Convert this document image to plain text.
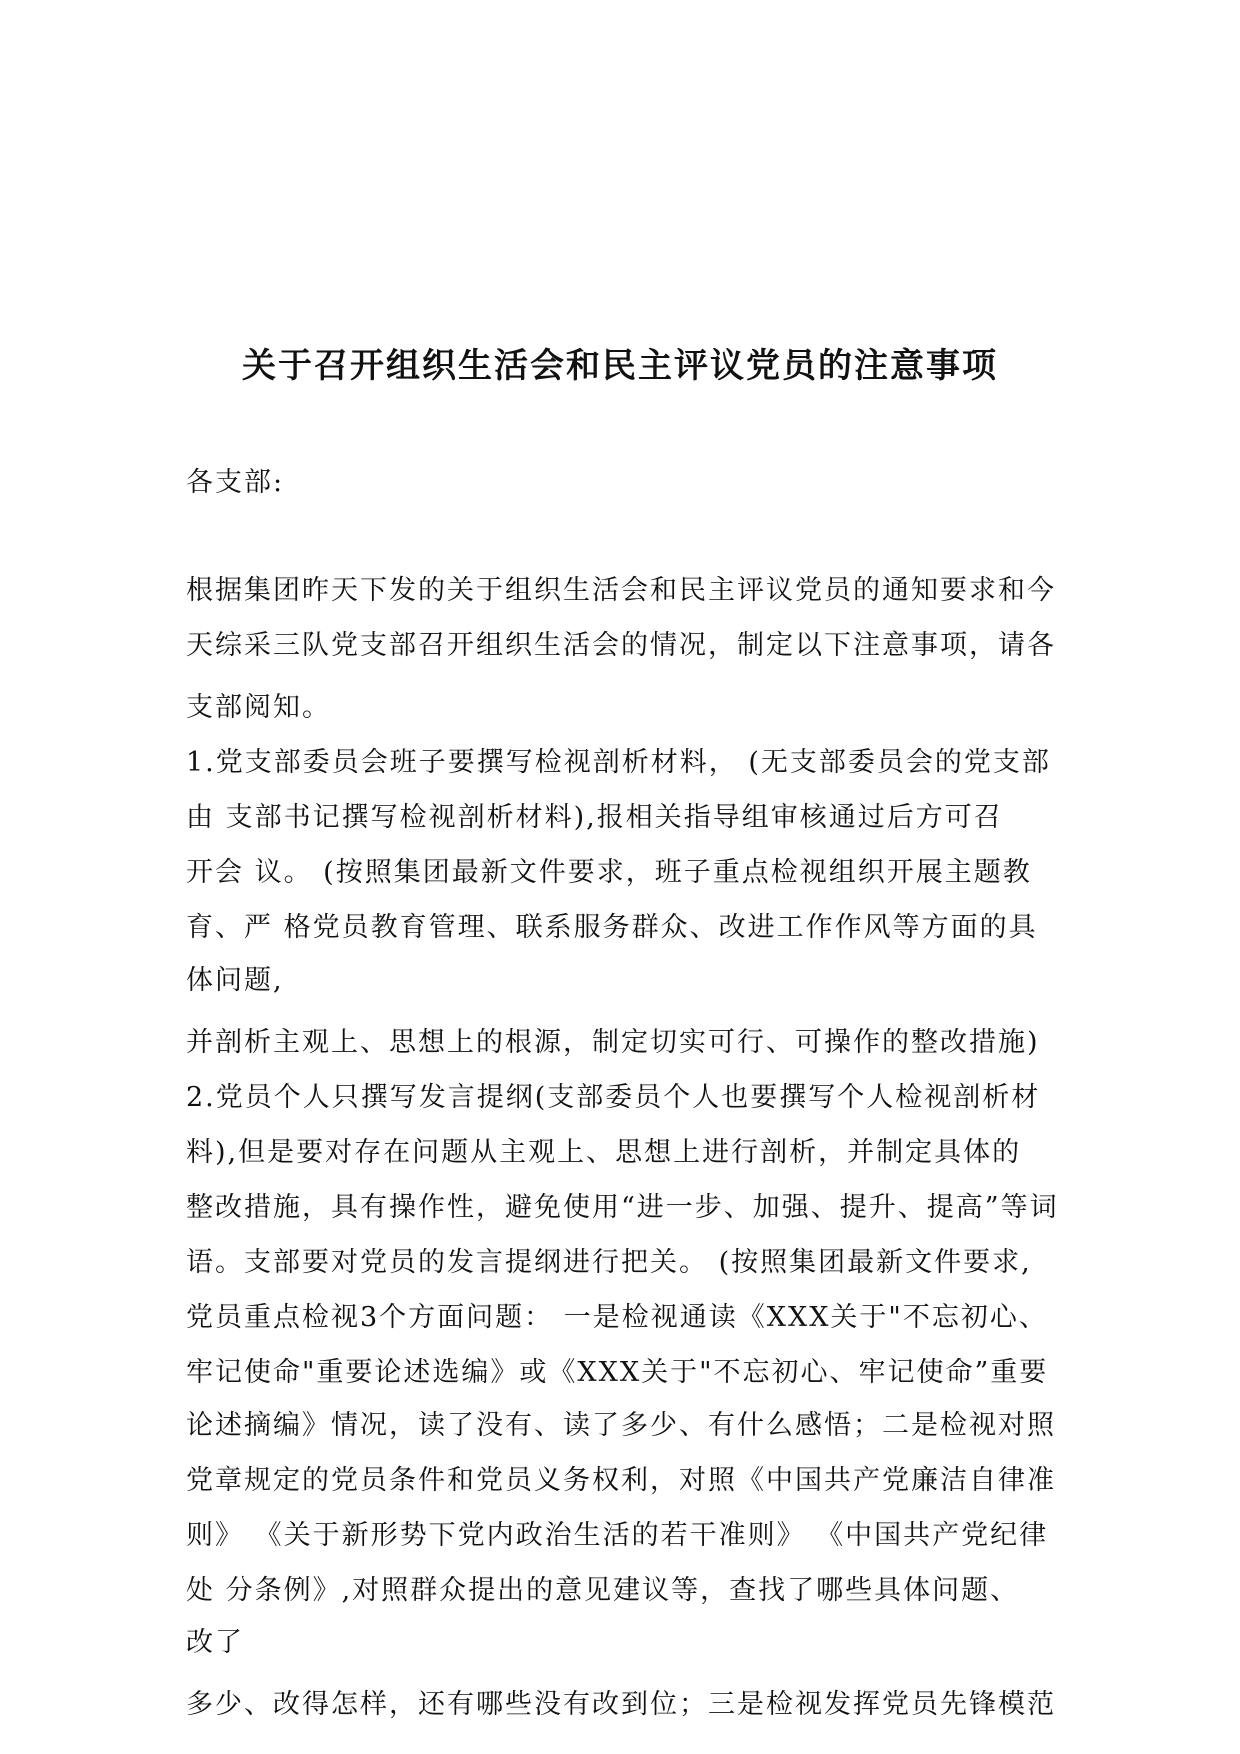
关于召开组织生活会和民主评议党员的注意事项
各支部:
根据集团昨天下发的关于组织生活会和民主评议党员的通知要求和今
天综采三队党支部召开组织生活会的情况，制定以下注意事项，请各
支部阅知。
1.党支部委员会班子要撰写检视剖析材料， (无支部委员会的党支部
由 支部书记撰写检视剖析材料),报相关指导组审核通过后方可召
开会 议。 (按照集团最新文件要求，班子重点检视组织开展主题教
育、严 格党员教育管理、联系服务群众、改进工作作风等方面的具
体问题,
并剖析主观上、思想上的根源，制定切实可行、可操作的整改措施)
2.党员个人只撰写发言提纲(支部委员个人也要撰写个人检视剖析材
料),但是要对存在问题从主观上、思想上进行剖析，并制定具体的
整改措施，具有操作性，避免使用“进一步、加强、提升、提高”等词
语。支部要对党员的发言提纲进行把关。 (按照集团最新文件要求,
党员重点检视3个方面问题： 一是检视通读《XXX关于"不忘初心、
牢记使命"重要论述选编》或《XXX关于"不忘初心、牢记使命”重要
论述摘编》情况，读了没有、读了多少、有什么感悟；二是检视对照
党章规定的党员条件和党员义务权利，对照《中国共产党廉洁自律准
则》 《关于新形势下党内政治生活的若干准则》 《中国共产党纪律
处 分条例》,对照群众提出的意见建议等，查找了哪些具体问题、
改了
多少、改得怎样，还有哪些没有改到位；三是检视发挥党员先锋模范
